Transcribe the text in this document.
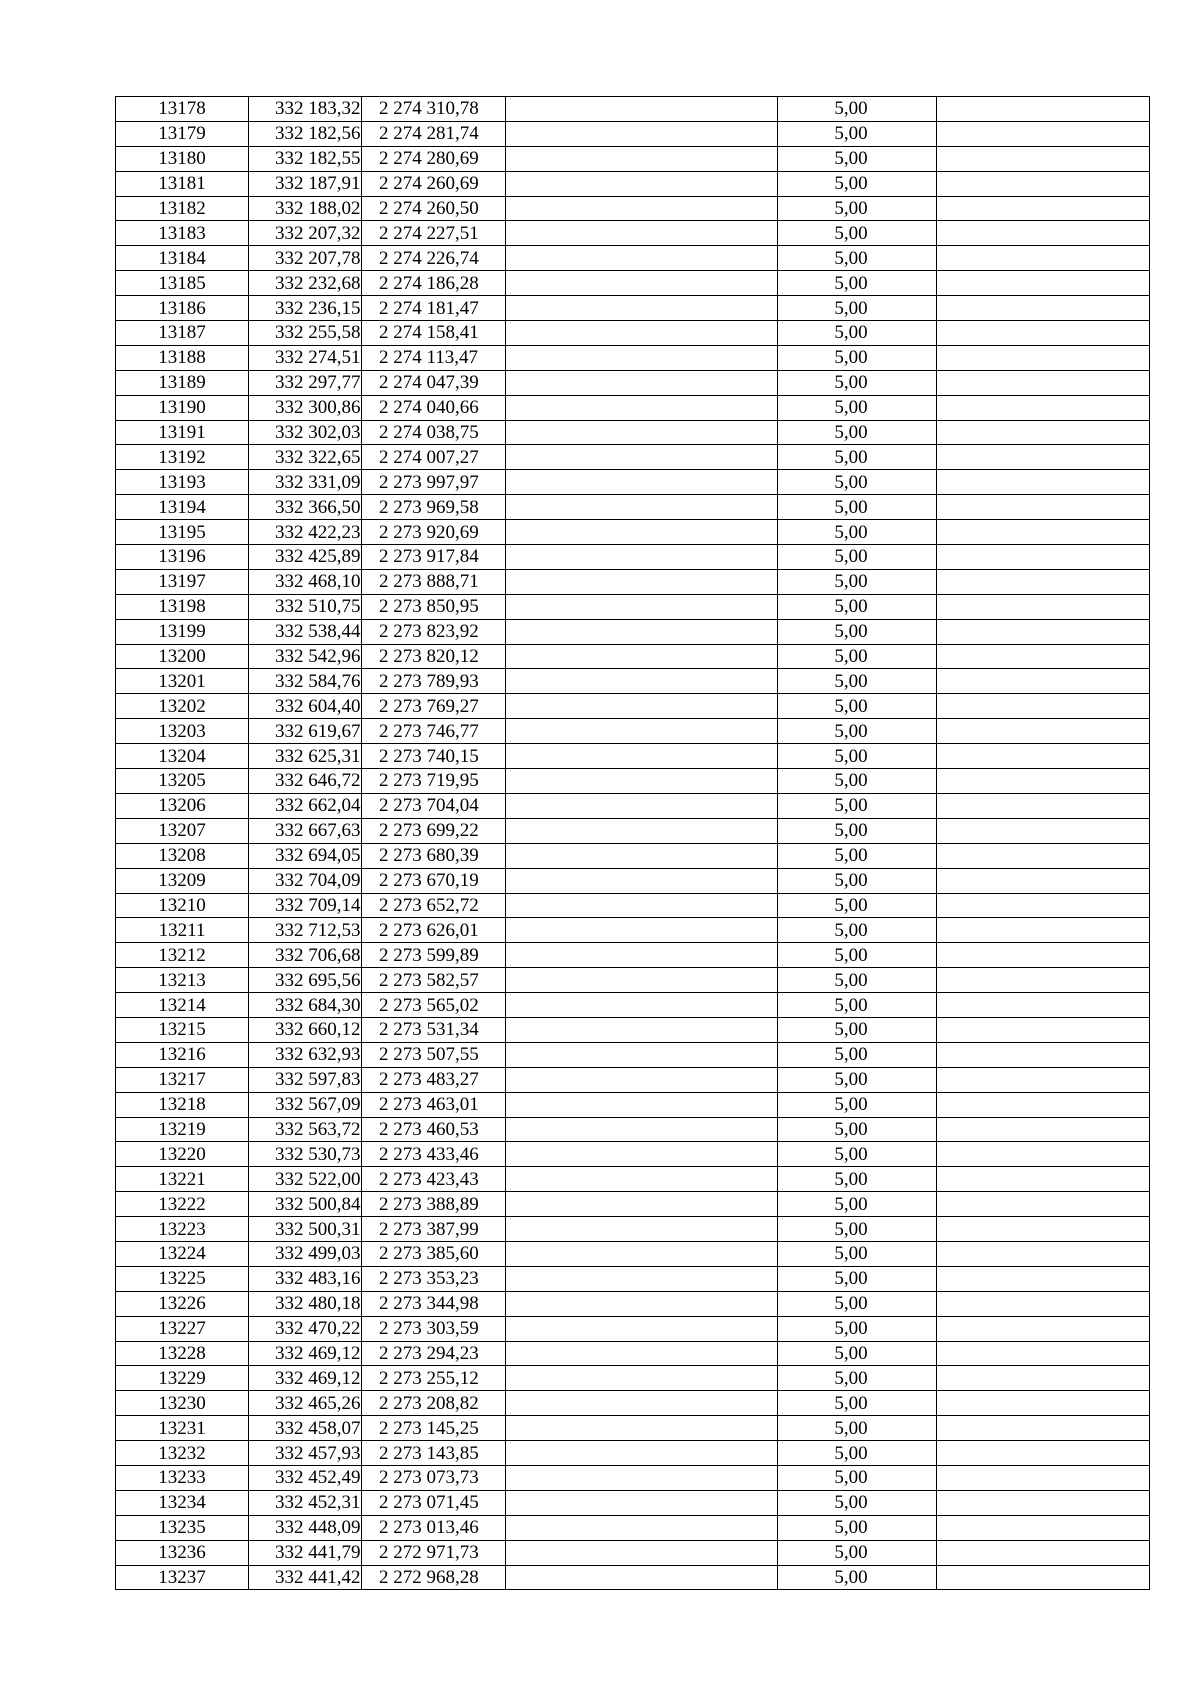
13178	332 183,32	2 274 310,78		5,00	
13179	332 182,56	2 274 281,74		5,00	
13180	332 182,55	2 274 280,69		5,00	
13181	332 187,91	2 274 260,69		5,00	
13182	332 188,02	2 274 260,50		5,00	
13183	332 207,32	2 274 227,51		5,00	
13184	332 207,78	2 274 226,74		5,00	
13185	332 232,68	2 274 186,28		5,00	
13186	332 236,15	2 274 181,47		5,00	
13187	332 255,58	2 274 158,41		5,00	
13188	332 274,51	2 274 113,47		5,00	
13189	332 297,77	2 274 047,39		5,00	
13190	332 300,86	2 274 040,66		5,00	
13191	332 302,03	2 274 038,75		5,00	
13192	332 322,65	2 274 007,27		5,00	
13193	332 331,09	2 273 997,97		5,00	
13194	332 366,50	2 273 969,58		5,00	
13195	332 422,23	2 273 920,69		5,00	
13196	332 425,89	2 273 917,84		5,00	
13197	332 468,10	2 273 888,71		5,00	
13198	332 510,75	2 273 850,95		5,00	
13199	332 538,44	2 273 823,92		5,00	
13200	332 542,96	2 273 820,12		5,00	
13201	332 584,76	2 273 789,93		5,00	
13202	332 604,40	2 273 769,27		5,00	
13203	332 619,67	2 273 746,77		5,00	
13204	332 625,31	2 273 740,15		5,00	
13205	332 646,72	2 273 719,95		5,00	
13206	332 662,04	2 273 704,04		5,00	
13207	332 667,63	2 273 699,22		5,00	
13208	332 694,05	2 273 680,39		5,00	
13209	332 704,09	2 273 670,19		5,00	
13210	332 709,14	2 273 652,72		5,00	
13211	332 712,53	2 273 626,01		5,00	
13212	332 706,68	2 273 599,89		5,00	
13213	332 695,56	2 273 582,57		5,00	
13214	332 684,30	2 273 565,02		5,00	
13215	332 660,12	2 273 531,34		5,00	
13216	332 632,93	2 273 507,55		5,00	
13217	332 597,83	2 273 483,27		5,00	
13218	332 567,09	2 273 463,01		5,00	
13219	332 563,72	2 273 460,53		5,00	
13220	332 530,73	2 273 433,46		5,00	
13221	332 522,00	2 273 423,43		5,00	
13222	332 500,84	2 273 388,89		5,00	
13223	332 500,31	2 273 387,99		5,00	
13224	332 499,03	2 273 385,60		5,00	
13225	332 483,16	2 273 353,23		5,00	
13226	332 480,18	2 273 344,98		5,00	
13227	332 470,22	2 273 303,59		5,00	
13228	332 469,12	2 273 294,23		5,00	
13229	332 469,12	2 273 255,12		5,00	
13230	332 465,26	2 273 208,82		5,00	
13231	332 458,07	2 273 145,25		5,00	
13232	332 457,93	2 273 143,85		5,00	
13233	332 452,49	2 273 073,73		5,00	
13234	332 452,31	2 273 071,45		5,00	
13235	332 448,09	2 273 013,46		5,00	
13236	332 441,79	2 272 971,73		5,00	
13237	332 441,42	2 272 968,28		5,00	
